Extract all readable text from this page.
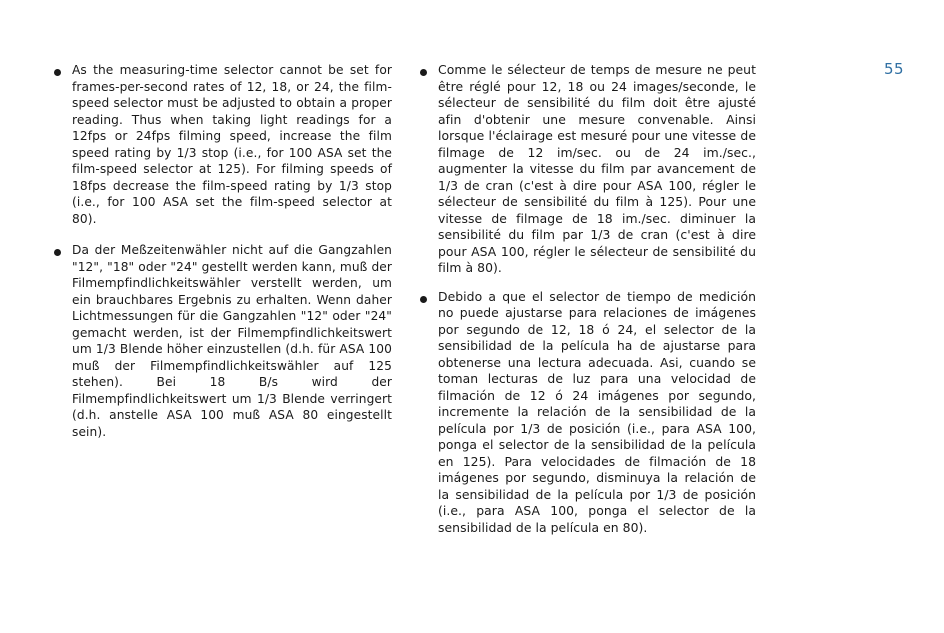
55
As the measuring-time selector cannot be set for frames-per-second rates of 12, 18, or 24, the film-speed selector must be adjusted to obtain a proper reading. Thus when taking light readings for a 12fps or 24fps filming speed, increase the film speed rating by 1/3 stop (i.e., for 100 ASA set the film-speed selector at 125). For filming speeds of 18fps decrease the film-speed rating by 1/3 stop (i.e., for 100 ASA set the film-speed selector at 80).
Da der Meßzeitenwähler nicht auf die Gangzahlen "12", "18" oder "24" gestellt werden kann, muß der Filmempfindlichkeitswähler verstellt werden, um ein brauchbares Ergebnis zu erhalten. Wenn daher Lichtmessungen für die Gangzahlen "12" oder "24" gemacht werden, ist der Filmempfindlichkeitswert um 1/3 Blende höher einzustellen (d.h. für ASA 100 muß der Filmempfindlichkeitswähler auf 125 stehen). Bei 18 B/s wird der Filmempfindlichkeitswert um 1/3 Blende verringert (d.h. anstelle ASA 100 muß ASA 80 eingestellt sein).
Comme le sélecteur de temps de mesure ne peut être réglé pour 12, 18 ou 24 images/seconde, le sélecteur de sensibilité du film doit être ajusté afin d'obtenir une mesure convenable. Ainsi lorsque l'éclairage est mesuré pour une vitesse de filmage de 12 im/sec. ou de 24 im./sec., augmenter la vitesse du film par avancement de 1/3 de cran (c'est à dire pour ASA 100, régler le sélecteur de sensibilité du film à 125). Pour une vitesse de filmage de 18 im./sec. diminuer la sensibilité du film par 1/3 de cran (c'est à dire pour ASA 100, régler le sélecteur de sensibilité du film à 80).
Debido a que el selector de tiempo de medición no puede ajustarse para relaciones de imágenes por segundo de 12, 18 ó 24, el selector de la sensibilidad de la película ha de ajustarse para obtenerse una lectura adecuada. Asi, cuando se toman lecturas de luz para una velocidad de filmación de 12 ó 24 imágenes por segundo, incremente la relación de la sensibilidad de la película por 1/3 de posición (i.e., para ASA 100, ponga el selector de la sensibilidad de la película en 125). Para velocidades de filmación de 18 imágenes por segundo, disminuya la relación de la sensibilidad de la película por 1/3 de posición (i.e., para ASA 100, ponga el selector de la sensibilidad de la película en 80).
